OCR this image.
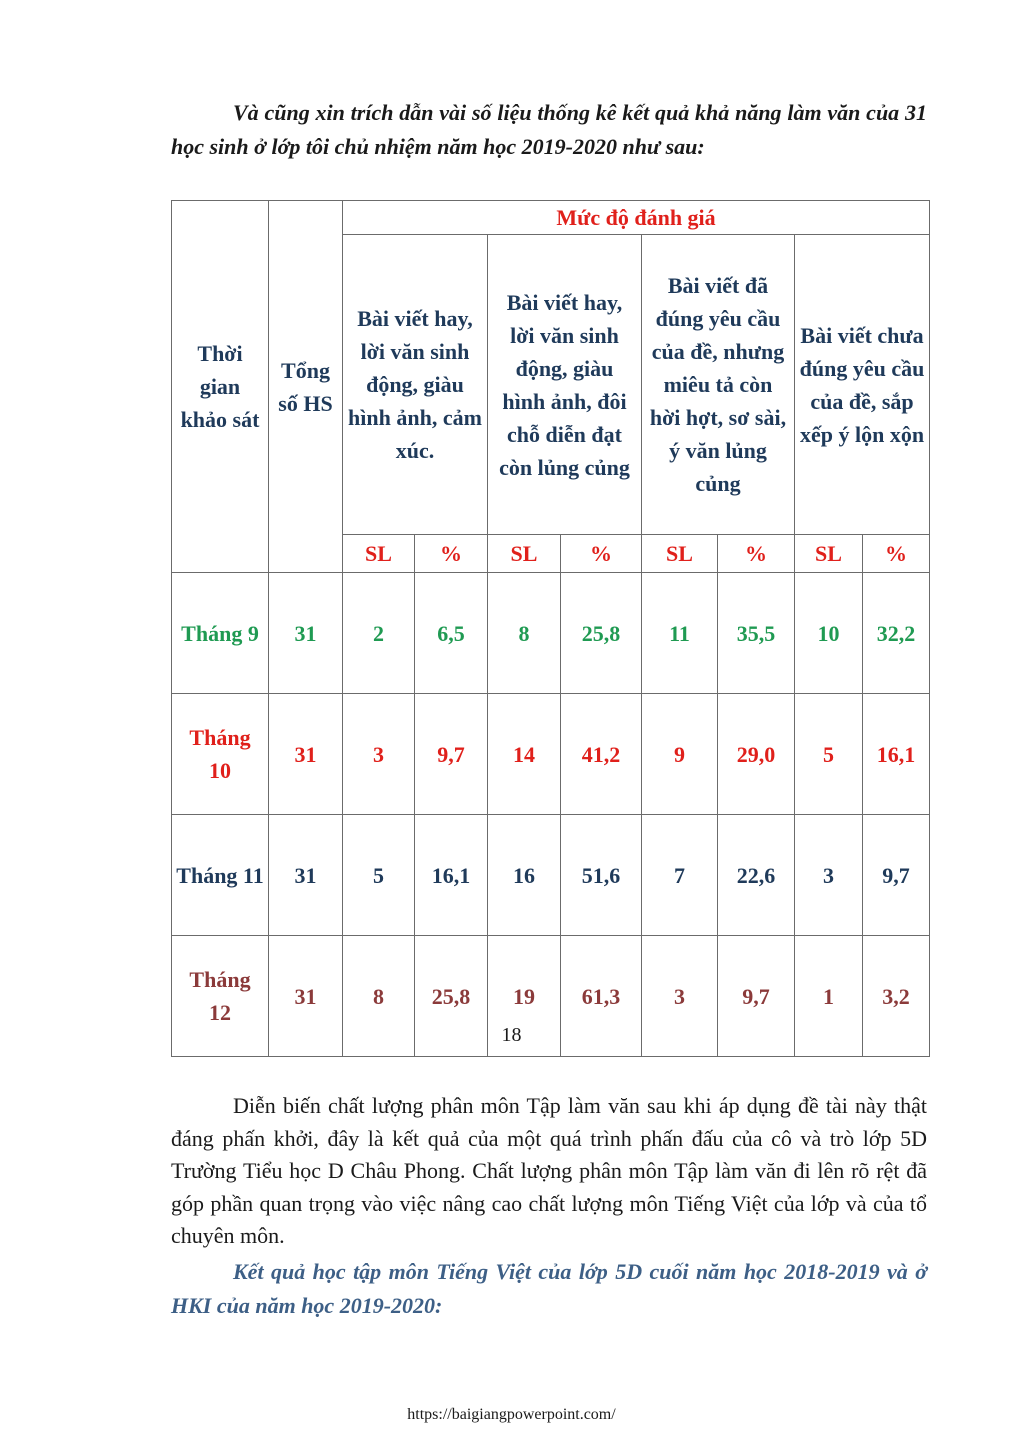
Và cũng xin trích dẫn vài số liệu thống kê kết quả khả năng làm văn của 31 học sinh ở lớp tôi chủ nhiệm năm học 2019-2020 như sau:

Thời gian khảo sát	Tổng số HS	Mức độ đánh giá							
		Bài viết hay, lời văn sinh động, giàu hình ảnh, cảm xúc.		Bài viết hay, lời văn sinh động, giàu hình ảnh, đôi chỗ diễn đạt còn lủng củng		Bài viết đã đúng yêu cầu của đề, nhưng miêu tả còn hời hợt, sơ sài, ý văn lủng củng		Bài viết chưa đúng yêu cầu của đề, sắp xếp ý lộn xộn	
		SL	%	SL	%	SL	%	SL	%
Tháng 9	31	2	6,5	8	25,8	11	35,5	10	32,2
Tháng 10	31	3	9,7	14	41,2	9	29,0	5	16,1
Tháng 11	31	5	16,1	16	51,6	7	22,6	3	9,7
Tháng 12	31	8	25,8	19	61,3	3	9,7	1	3,2

Diễn biến chất lượng phân môn Tập làm văn sau khi áp dụng đề tài này thật đáng phấn khởi, đây là kết quả của một quá trình phấn đấu của cô và trò lớp 5D Trường Tiểu học D Châu Phong. Chất lượng phân môn Tập làm văn đi lên rõ rệt đã góp phần quan trọng vào việc nâng cao chất lượng môn Tiếng Việt của lớp và của tổ chuyên môn.

Kết quả học tập môn Tiếng Việt của lớp 5D cuối năm học 2018-2019 và ở HKI của năm học 2019-2020:

18
https://baigiangpowerpoint.com/
